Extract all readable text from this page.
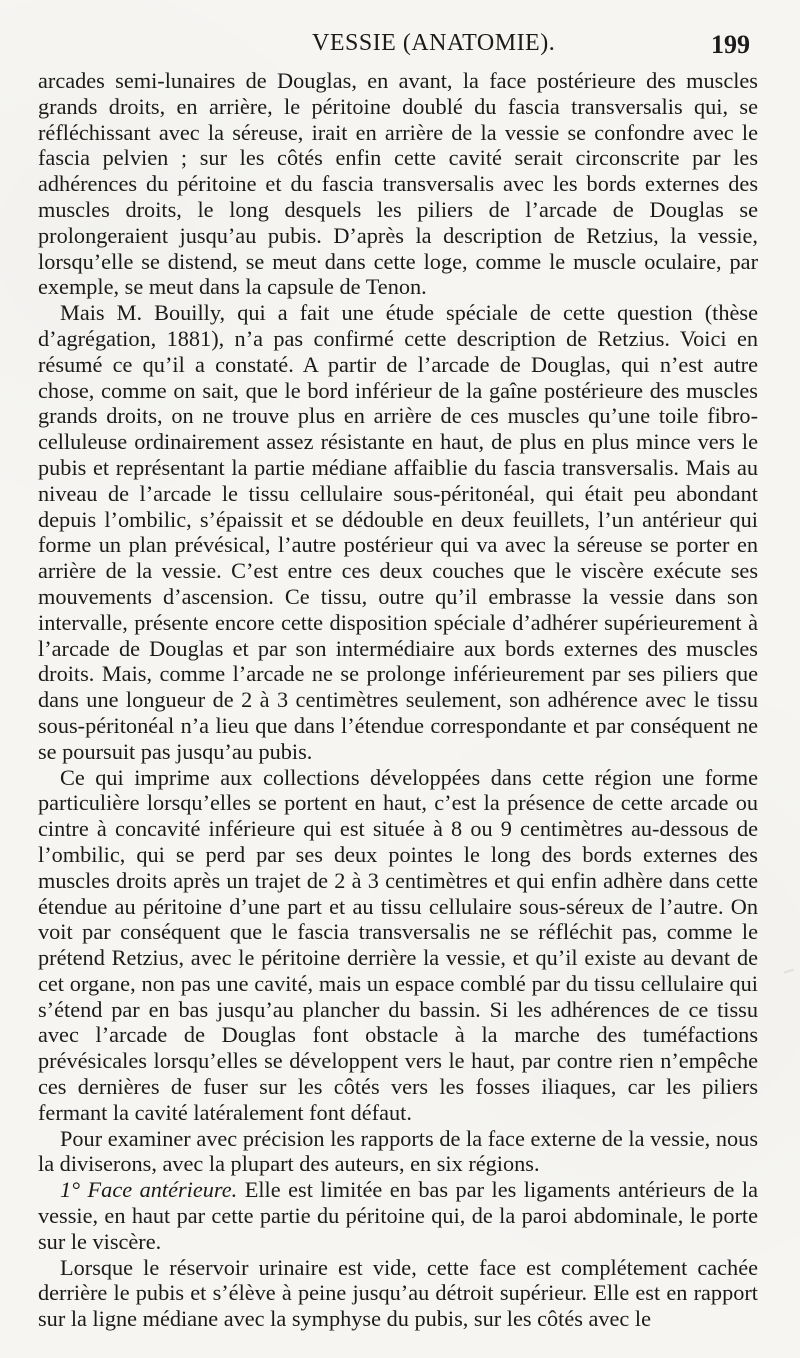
VESSIE (ANATOMIE).	199

arcades semi-lunaires de Douglas, en avant, la face postérieure des muscles grands droits, en arrière, le péritoine doublé du fascia transversalis qui, se réfléchissant avec la séreuse, irait en arrière de la vessie se confondre avec le fascia pelvien ; sur les côtés enfin cette cavité serait circonscrite par les adhérences du péritoine et du fascia transversalis avec les bords externes des muscles droits, le long desquels les piliers de l’arcade de Douglas se prolongeraient jusqu’au pubis. D’après la description de Retzius, la vessie, lorsqu’elle se distend, se meut dans cette loge, comme le muscle oculaire, par exemple, se meut dans la capsule de Tenon.

Mais M. Bouilly, qui a fait une étude spéciale de cette question (thèse d’agrégation, 1881), n’a pas confirmé cette description de Retzius. Voici en résumé ce qu’il a constaté. A partir de l’arcade de Douglas, qui n’est autre chose, comme on sait, que le bord inférieur de la gaîne postérieure des muscles grands droits, on ne trouve plus en arrière de ces muscles qu’une toile fibro-celluleuse ordinairement assez résistante en haut, de plus en plus mince vers le pubis et représentant la partie médiane affaiblie du fascia transversalis. Mais au niveau de l’arcade le tissu cellulaire sous-péritonéal, qui était peu abondant depuis l’ombilic, s’épaissit et se dédouble en deux feuillets, l’un antérieur qui forme un plan prévésical, l’autre postérieur qui va avec la séreuse se porter en arrière de la vessie. C’est entre ces deux couches que le viscère exécute ses mouvements d’ascension. Ce tissu, outre qu’il embrasse la vessie dans son intervalle, présente encore cette disposition spéciale d’adhérer supérieurement à l’arcade de Douglas et par son intermédiaire aux bords externes des muscles droits. Mais, comme l’arcade ne se prolonge inférieurement par ses piliers que dans une longueur de 2 à 3 centimètres seulement, son adhérence avec le tissu sous-péritonéal n’a lieu que dans l’étendue correspondante et par conséquent ne se poursuit pas jusqu’au pubis.

Ce qui imprime aux collections développées dans cette région une forme particulière lorsqu’elles se portent en haut, c’est la présence de cette arcade ou cintre à concavité inférieure qui est située à 8 ou 9 centimètres au-dessous de l’ombilic, qui se perd par ses deux pointes le long des bords externes des muscles droits après un trajet de 2 à 3 centimètres et qui enfin adhère dans cette étendue au péritoine d’une part et au tissu cellulaire sous-séreux de l’autre. On voit par conséquent que le fascia transversalis ne se réfléchit pas, comme le prétend Retzius, avec le péritoine derrière la vessie, et qu’il existe au devant de cet organe, non pas une cavité, mais un espace comblé par du tissu cellulaire qui s’étend par en bas jusqu’au plancher du bassin. Si les adhérences de ce tissu avec l’arcade de Douglas font obstacle à la marche des tuméfactions prévésicales lorsqu’elles se développent vers le haut, par contre rien n’empêche ces dernières de fuser sur les côtés vers les fosses iliaques, car les piliers fermant la cavité latéralement font défaut.

Pour examiner avec précision les rapports de la face externe de la vessie, nous la diviserons, avec la plupart des auteurs, en six régions.

1° Face antérieure. Elle est limitée en bas par les ligaments antérieurs de la vessie, en haut par cette partie du péritoine qui, de la paroi abdominale, le porte sur le viscère.

Lorsque le réservoir urinaire est vide, cette face est complétement cachée derrière le pubis et s’élève à peine jusqu’au détroit supérieur. Elle est en rapport sur la ligne médiane avec la symphyse du pubis, sur les côtés avec le
